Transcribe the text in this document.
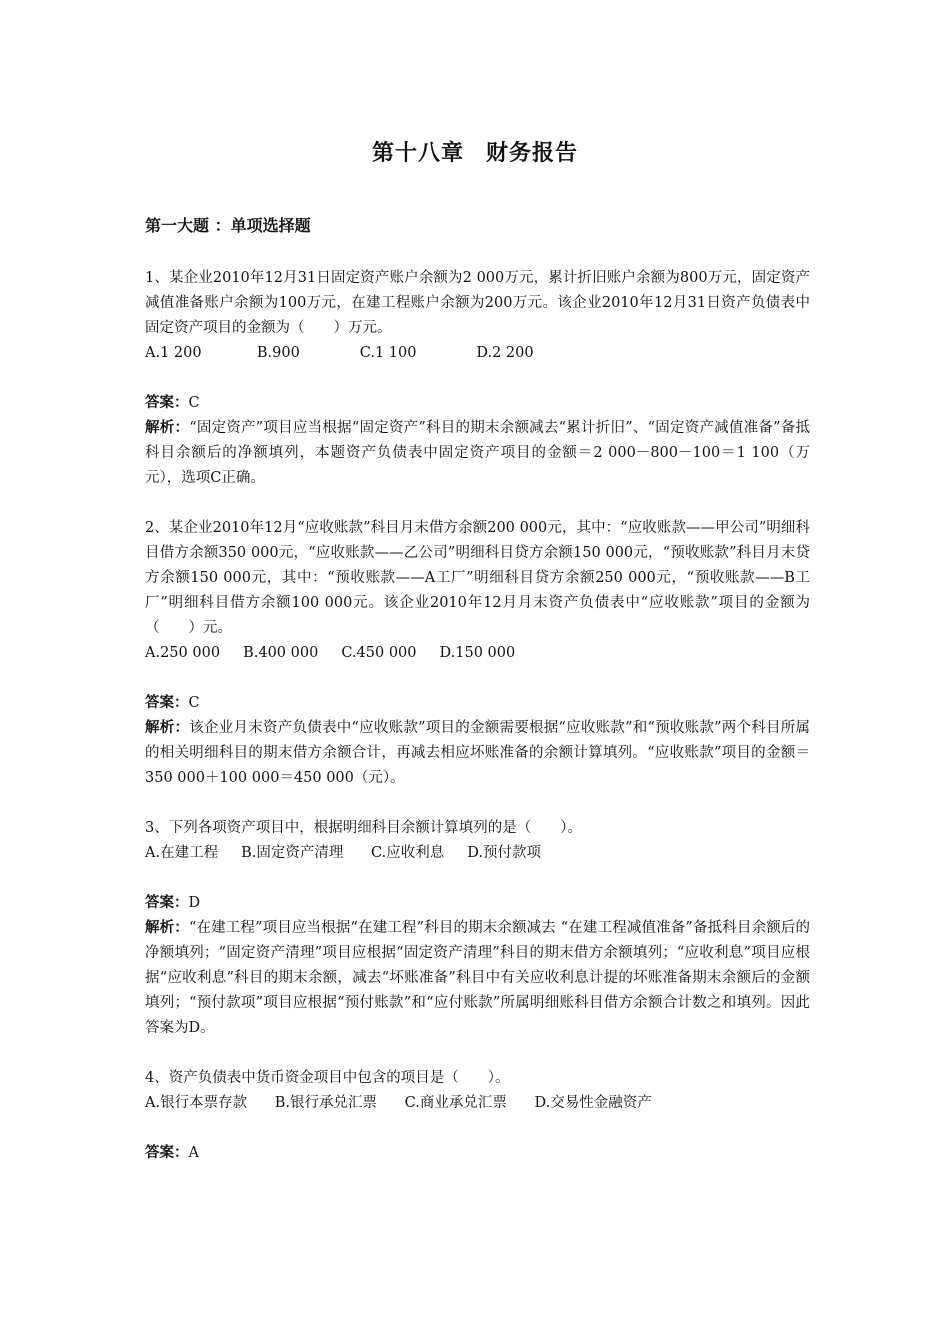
第十八章 财务报告

第一大题 ：单项选择题

1、某企业2010年12月31日固定资产账户余额为2 000万元，累计折旧账户余额为800万元，固定资产减值准备账户余额为100万元，在建工程账户余额为200万元。该企业2010年12月31日资产负债表中固定资产项目的金额为（　　）万元。

A.1 200            B.900             C.1 100             D.2 200

答案：C

解析：“固定资产”项目应当根据“固定资产”科目的期末余额减去“累计折旧”、“固定资产减值准备”备抵科目余额后的净额填列，本题资产负债表中固定资产项目的金额＝2 000－800－100＝1 100（万元），选项C正确。

2、某企业2010年12月“应收账款”科目月末借方余额200 000元，其中：“应收账款——甲公司”明细科目借方余额350 000元，“应收账款——乙公司”明细科目贷方余额150 000元，“预收账款”科目月末贷方余额150 000元，其中：“预收账款——A工厂”明细科目贷方余额250 000元，“预收账款——B工厂”明细科目借方余额100 000元。该企业2010年12月月末资产负债表中“应收账款”项目的金额为（　　）元。

A.250 000     B.400 000     C.450 000     D.150 000

答案：C

解析：该企业月末资产负债表中“应收账款”项目的金额需要根据“应收账款”和“预收账款”两个科目所属的相关明细科目的期末借方余额合计，再减去相应坏账准备的余额计算填列。“应收账款”项目的金额＝350 000＋100 000＝450 000（元）。

3、下列各项资产项目中，根据明细科目余额计算填列的是（　　）。

A.在建工程     B.固定资产清理      C.应收利息     D.预付款项

答案：D

解析：“在建工程”项目应当根据“在建工程”科目的期末余额减去 “在建工程减值准备”备抵科目余额后的净额填列；“固定资产清理”项目应根据“固定资产清理”科目的期末借方余额填列；“应收利息”项目应根据“应收利息”科目的期末余额，减去“坏账准备”科目中有关应收利息计提的坏账准备期末余额后的金额填列；“预付款项”项目应根据“预付账款”和“应付账款”所属明细账科目借方余额合计数之和填列。因此答案为D。

4、资产负债表中货币资金项目中包含的项目是（　　）。

A.银行本票存款      B.银行承兑汇票      C.商业承兑汇票      D.交易性金融资产

答案：A
